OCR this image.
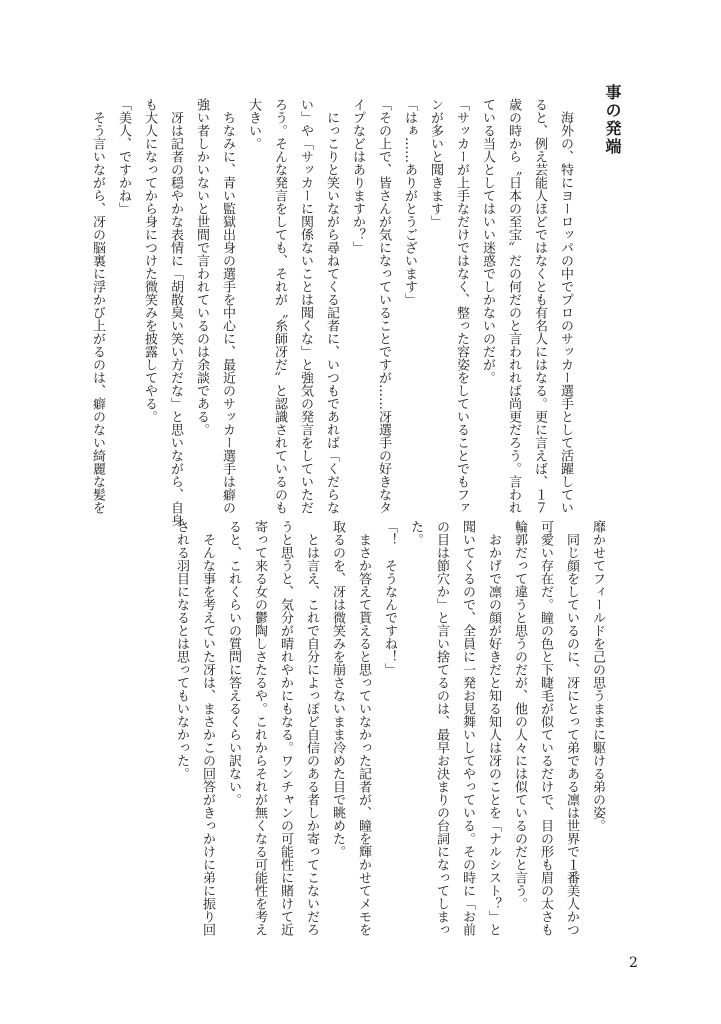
事の発端
　海外の、特にヨーロッパの中でプロのサッカー選手として活躍してい
ると、例え芸能人ほどではなくとも有名人にはなる。更に言えば、１７
歳の時から〝日本の至宝〟だの何だのと言われれば尚更だろう。言われ
ている当人としてはいい迷惑でしかないのだが。
「サッカーが上手なだけではなく、整った容姿をしていることでもファ
ンが多いと聞きます」
「はぁ……ありがとうございます」
「その上で、皆さんが気になっていることですが……冴選手の好きなタ
イプなどはありますか？」
　にっこりと笑いながら尋ねてくる記者に、いつもであれば「くだらな
い」や「サッカーに関係ないことは聞くな」と強気の発言をしていただ
ろう。そんな発言をしても、それが〝糸師冴だ〟と認識されているのも
大きい。
　ちなみに、青い監獄出身の選手を中心に、最近のサッカー選手は癖の
強い者しかいないと世間で言われているのは余談である。
　冴は記者の穏やかな表情に「胡散臭い笑い方だな」と思いながら、自身
も大人になってから身につけた微笑みを披露してやる。
「美人、ですかね」
　そう言いながら、冴の脳裏に浮かび上がるのは、癖のない綺麗な髪を
靡かせてフィールドを己の思うままに駆ける弟の姿。
　同じ顔をしているのに、冴にとって弟である凛は世界で１番美人かつ
可愛い存在だ。瞳の色と下睫毛が似ているだけで、目の形も眉の太さも
輪郭だって違うと思うのだが、他の人々には似ているのだと言う。
　おかげで凛の顔が好きだと知る知人は冴のことを「ナルシスト？」と
聞いてくるので、全員に一発お見舞いしてやっている。その時に「お前
の目は節穴か」と言い捨てるのは、最早お決まりの台詞になってしまっ
た。
「！　そうなんですね！」
　まさか答えて貰えると思っていなかった記者が、瞳を輝かせてメモを
取るのを、冴は微笑みを崩さないまま冷めた目で眺めた。
　とは言え、これで自分によっぽど自信のある者しか寄ってこないだろ
うと思うと、気分が晴れやかにもなる。ワンチャンの可能性に賭けて近
寄って来る女の鬱陶しさたるや。これからそれが無くなる可能性を考え
ると、これくらいの質問に答えるくらい訳ない。
　そんな事を考えていた冴は、まさかこの回答がきっかけに弟に振り回
される羽目になるとは思ってもいなかった。
2
